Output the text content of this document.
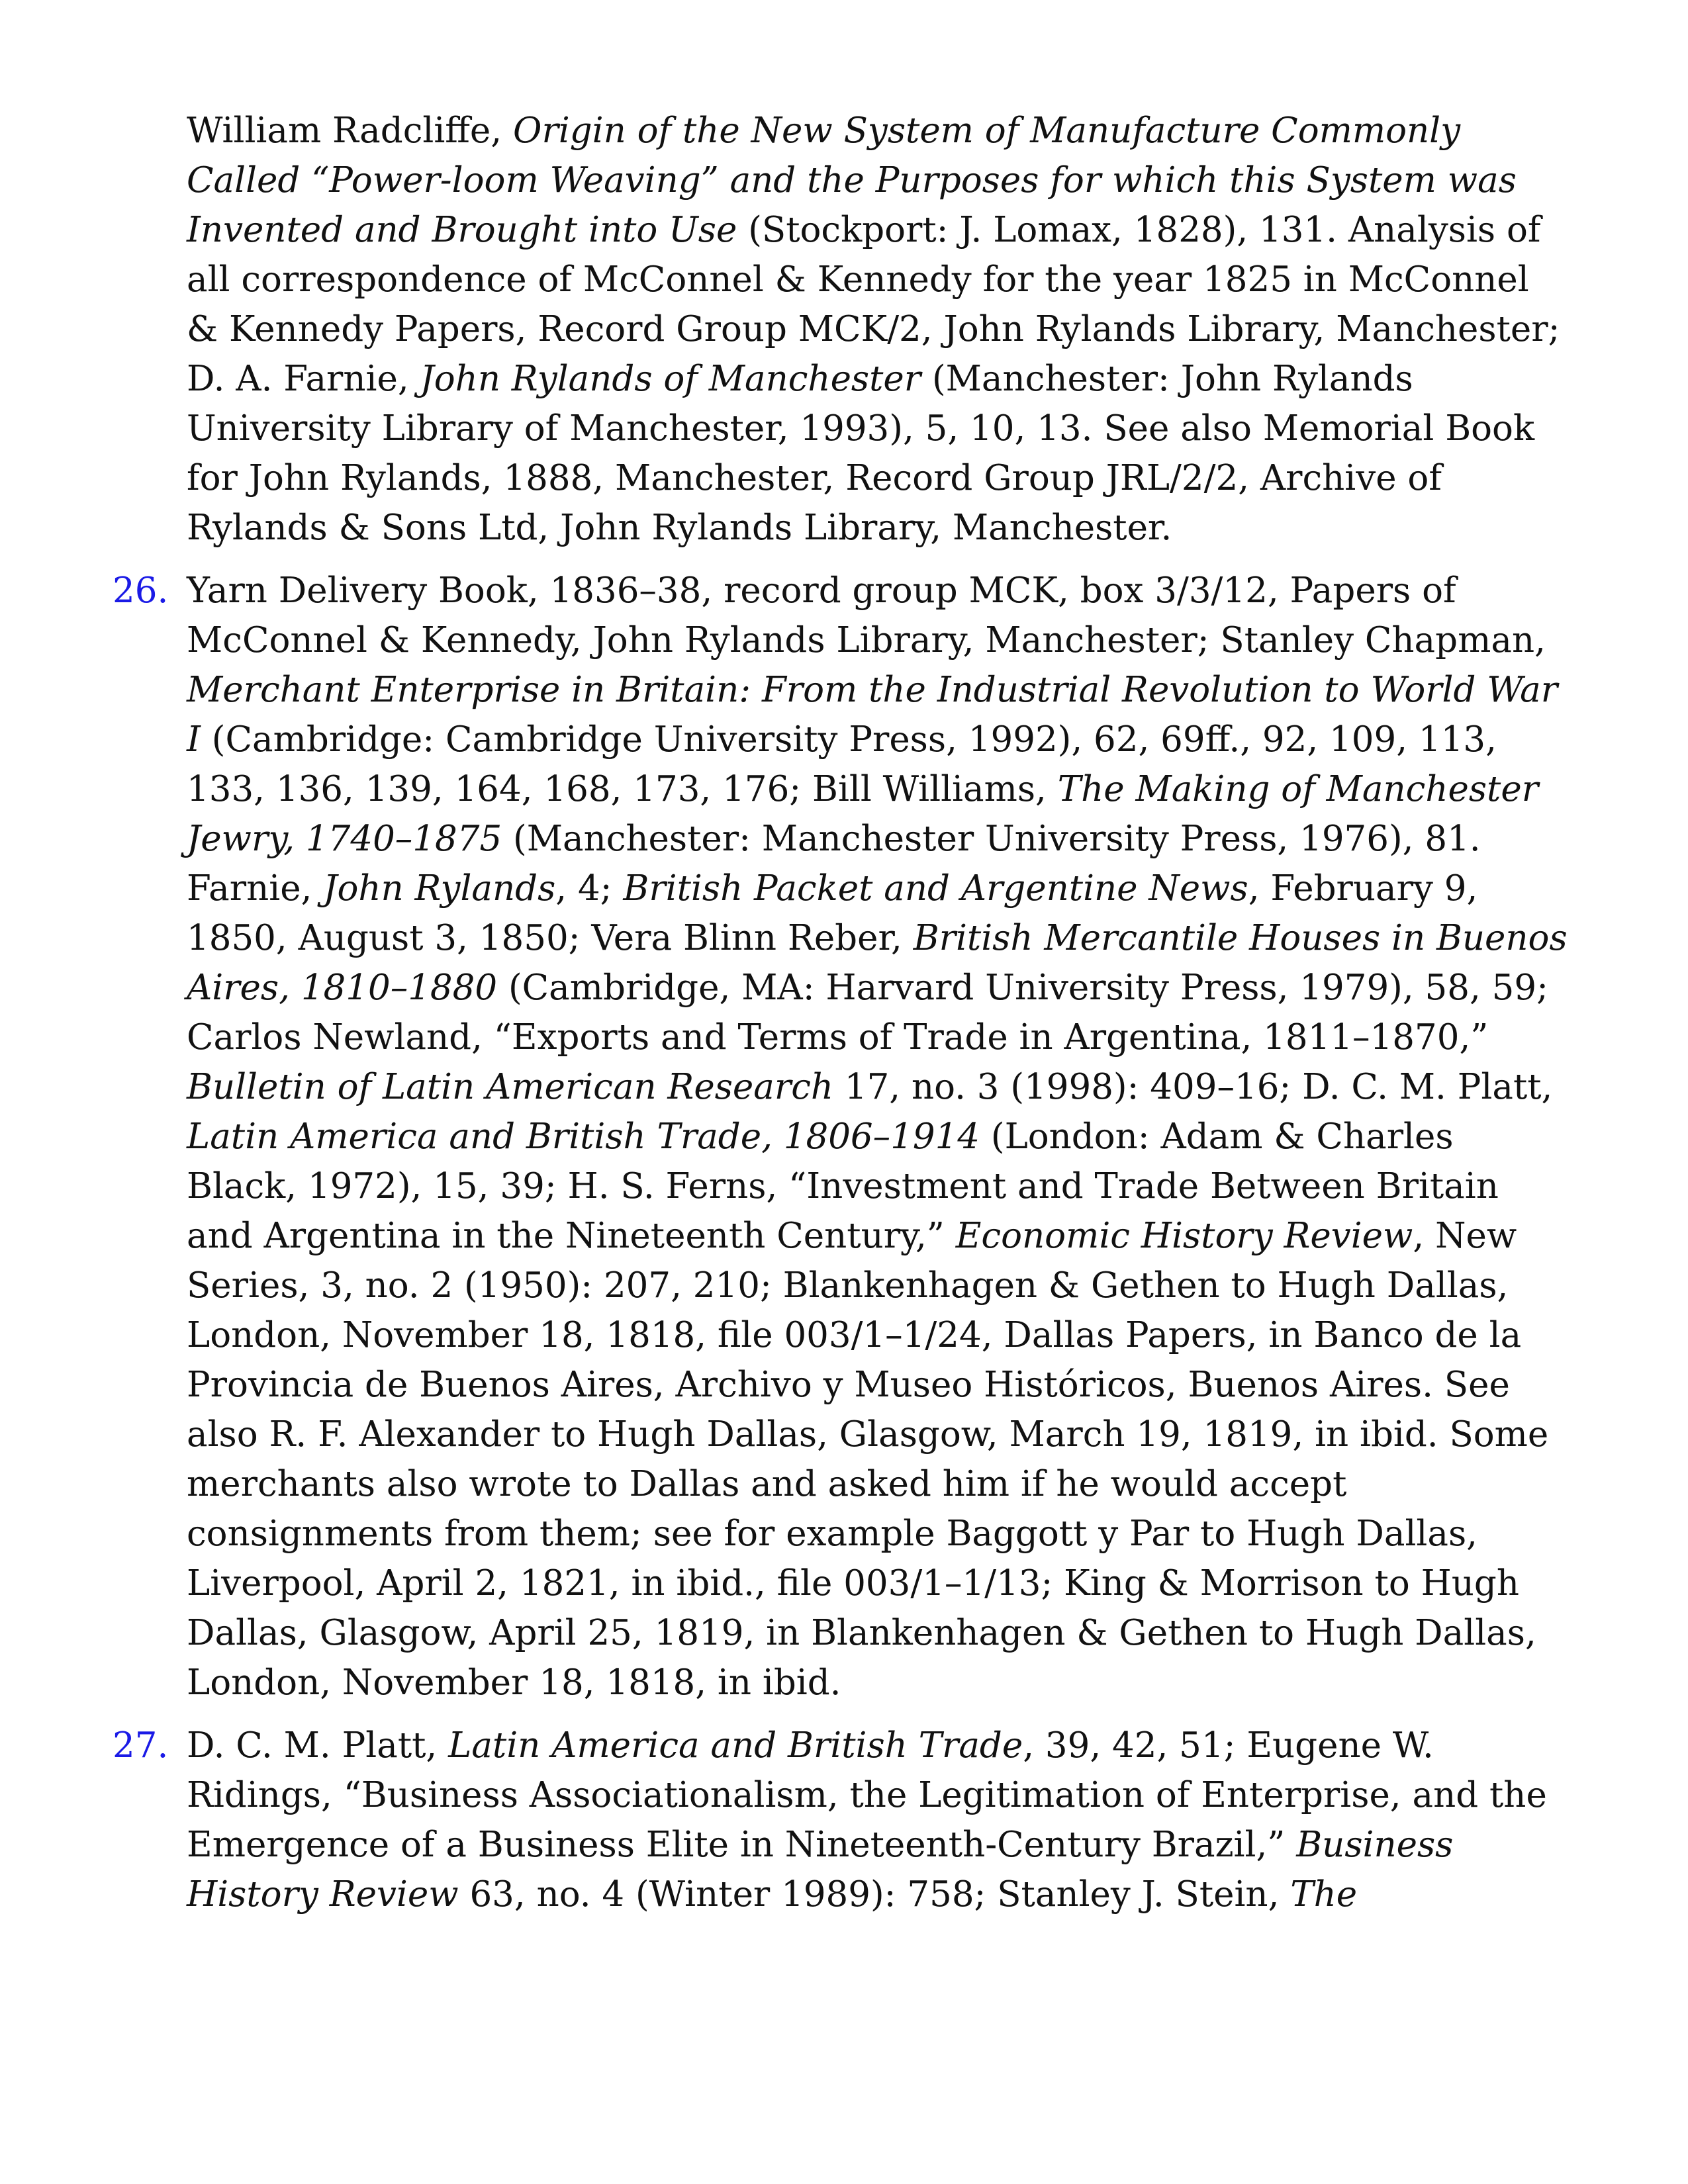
William Radcliffe, Origin of the New System of Manufacture Commonly Called “Power-loom Weaving” and the Purposes for which this System was Invented and Brought into Use (Stockport: J. Lomax, 1828), 131. Analysis of all correspondence of McConnel & Kennedy for the year 1825 in McConnel & Kennedy Papers, Record Group MCK/2, John Rylands Library, Manchester; D. A. Farnie, John Rylands of Manchester (Manchester: John Rylands University Library of Manchester, 1993), 5, 10, 13. See also Memorial Book for John Rylands, 1888, Manchester, Record Group JRL/2/2, Archive of Rylands & Sons Ltd, John Rylands Library, Manchester.
26. Yarn Delivery Book, 1836–38, record group MCK, box 3/3/12, Papers of McConnel & Kennedy, John Rylands Library, Manchester; Stanley Chapman, Merchant Enterprise in Britain: From the Industrial Revolution to World War I (Cambridge: Cambridge University Press, 1992), 62, 69ff., 92, 109, 113, 133, 136, 139, 164, 168, 173, 176; Bill Williams, The Making of Manchester Jewry, 1740–1875 (Manchester: Manchester University Press, 1976), 81. Farnie, John Rylands, 4; British Packet and Argentine News, February 9, 1850, August 3, 1850; Vera Blinn Reber, British Mercantile Houses in Buenos Aires, 1810–1880 (Cambridge, MA: Harvard University Press, 1979), 58, 59; Carlos Newland, “Exports and Terms of Trade in Argentina, 1811–1870,” Bulletin of Latin American Research 17, no. 3 (1998): 409–16; D. C. M. Platt, Latin America and British Trade, 1806–1914 (London: Adam & Charles Black, 1972), 15, 39; H. S. Ferns, “Investment and Trade Between Britain and Argentina in the Nineteenth Century,” Economic History Review, New Series, 3, no. 2 (1950): 207, 210; Blankenhagen & Gethen to Hugh Dallas, London, November 18, 1818, file 003/1–1/24, Dallas Papers, in Banco de la Provincia de Buenos Aires, Archivo y Museo Históricos, Buenos Aires. See also R. F. Alexander to Hugh Dallas, Glasgow, March 19, 1819, in ibid. Some merchants also wrote to Dallas and asked him if he would accept consignments from them; see for example Baggott y Par to Hugh Dallas, Liverpool, April 2, 1821, in ibid., file 003/1–1/13; King & Morrison to Hugh Dallas, Glasgow, April 25, 1819, in Blankenhagen & Gethen to Hugh Dallas, London, November 18, 1818, in ibid.
27. D. C. M. Platt, Latin America and British Trade, 39, 42, 51; Eugene W. Ridings, “Business Associationalism, the Legitimation of Enterprise, and the Emergence of a Business Elite in Nineteenth-Century Brazil,” Business History Review 63, no. 4 (Winter 1989): 758; Stanley J. Stein, The
